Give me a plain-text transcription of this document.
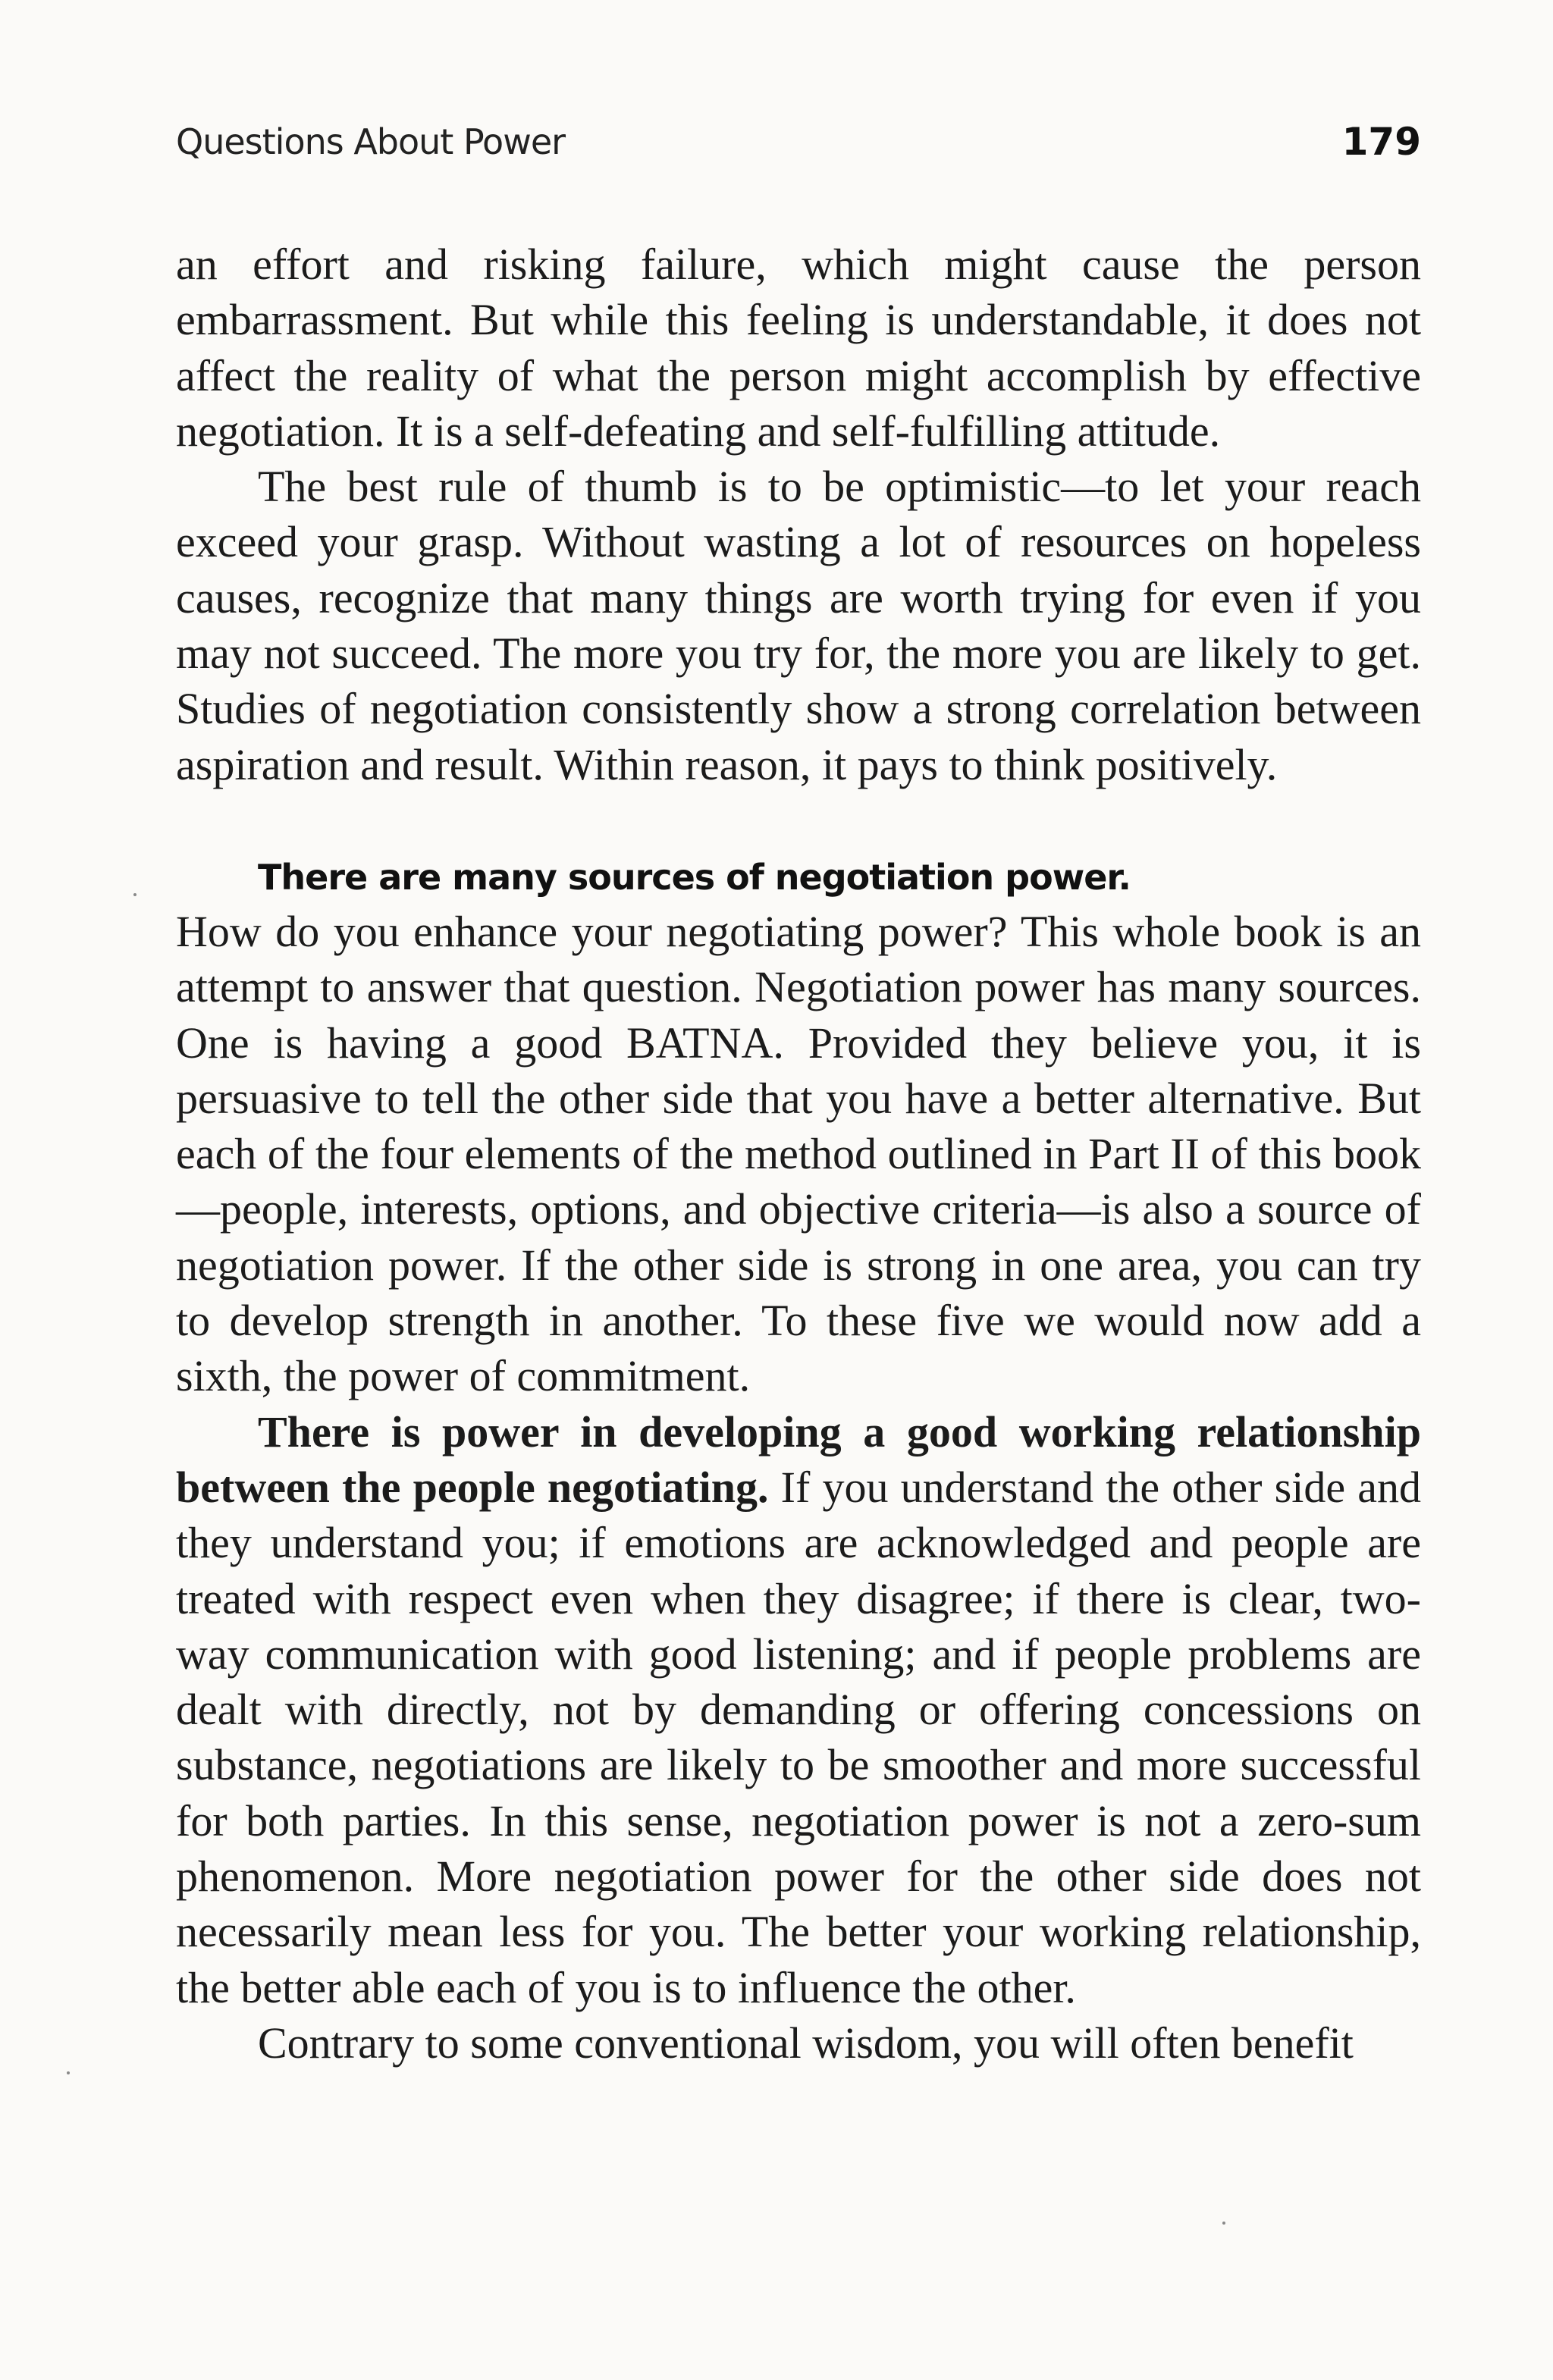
Questions About Power	179

an effort and risking failure, which might cause the person embarrassment. But while this feeling is understandable, it does not affect the reality of what the person might accomplish by effective negotiation. It is a self-defeating and self-fulfilling attitude.

The best rule of thumb is to be optimistic—to let your reach exceed your grasp. Without wasting a lot of resources on hopeless causes, recognize that many things are worth trying for even if you may not succeed. The more you try for, the more you are likely to get. Studies of negotiation consistently show a strong correlation between aspiration and result. Within reason, it pays to think positively.

There are many sources of negotiation power.

How do you enhance your negotiating power? This whole book is an attempt to answer that question. Negotiation power has many sources. One is having a good BATNA. Provided they believe you, it is persuasive to tell the other side that you have a better alternative. But each of the four elements of the method outlined in Part II of this book—people, interests, options, and objective criteria—is also a source of negotiation power. If the other side is strong in one area, you can try to develop strength in another. To these five we would now add a sixth, the power of commitment.

There is power in developing a good working relationship between the people negotiating. If you understand the other side and they understand you; if emotions are acknowledged and people are treated with respect even when they disagree; if there is clear, two-way communication with good listening; and if people problems are dealt with directly, not by demanding or offering concessions on substance, negotiations are likely to be smoother and more successful for both parties. In this sense, negotiation power is not a zero-sum phenomenon. More negotiation power for the other side does not necessarily mean less for you. The better your working relationship, the better able each of you is to influence the other.

Contrary to some conventional wisdom, you will often benefit
